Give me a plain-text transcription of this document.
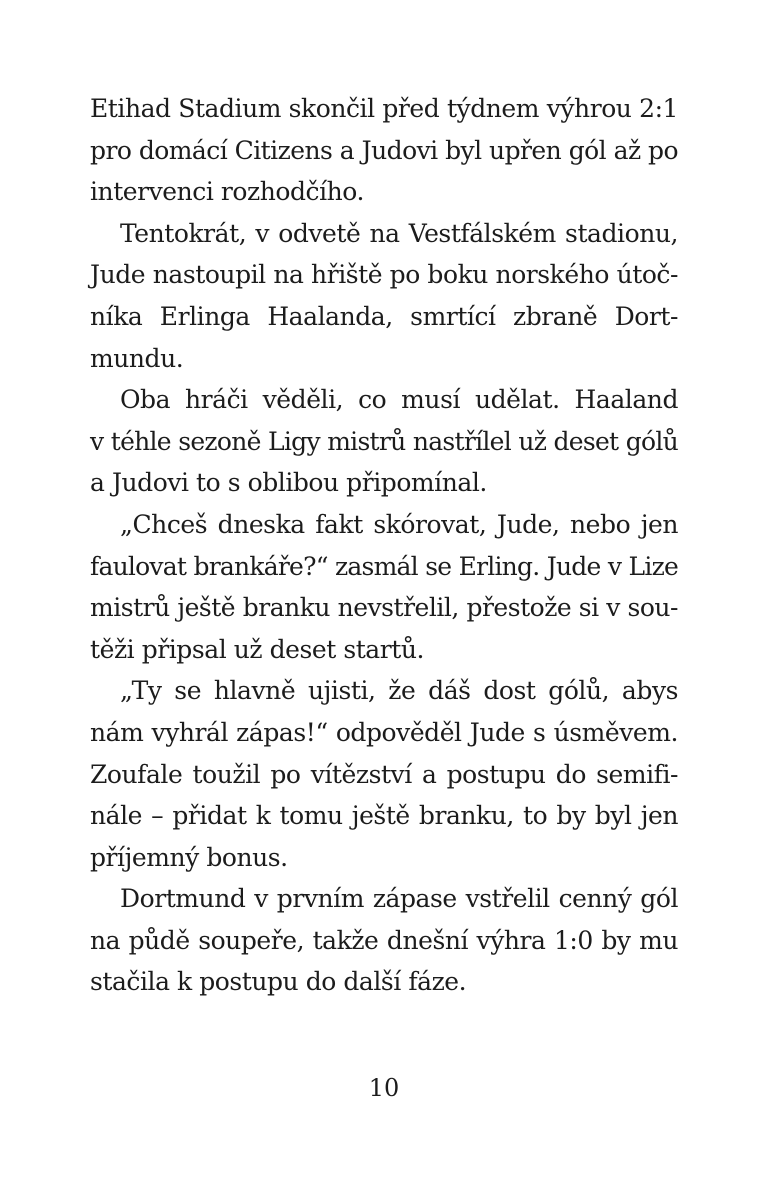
Etihad Stadium skončil před týdnem výhrou 2:1
pro domácí Citizens a Judovi byl upřen gól až po
intervenci rozhodčího.
Tentokrát, v odvetě na Vestfálském stadionu,
Jude nastoupil na hřiště po boku norského útoč-
níka Erlinga Haalanda, smrtící zbraně Dort-
mundu.
Oba hráči věděli, co musí udělat. Haaland
v téhle sezoně Ligy mistrů nastřílel už deset gólů
a Judovi to s oblibou připomínal.
„Chceš dneska fakt skórovat, Jude, nebo jen
faulovat brankáře?“ zasmál se Erling. Jude v Lize
mistrů ještě branku nevstřelil, přestože si v sou-
těži připsal už deset startů.
„Ty se hlavně ujisti, že dáš dost gólů, abys
nám vyhrál zápas!“ odpověděl Jude s úsměvem.
Zoufale toužil po vítězství a postupu do semifi-
nále – přidat k tomu ještě branku, to by byl jen
příjemný bonus.
Dortmund v prvním zápase vstřelil cenný gól
na půdě soupeře, takže dnešní výhra 1:0 by mu
stačila k postupu do další fáze.
10
